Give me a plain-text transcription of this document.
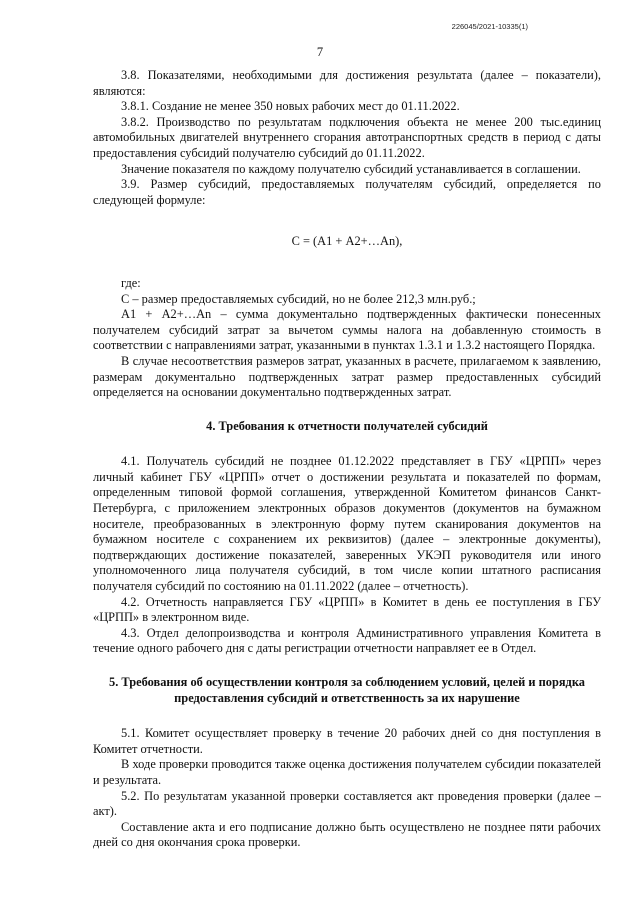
226045/2021-10335(1)
7

3.8. Показателями, необходимыми для достижения результата (далее – показатели), являются:

3.8.1. Создание не менее 350 новых рабочих мест до 01.11.2022.

3.8.2. Производство по результатам подключения объекта не менее 200 тыс.единиц автомобильных двигателей внутреннего сгорания автотранспортных средств в период с даты предоставления субсидий получателю субсидий до 01.11.2022.

Значение показателя по каждому получателю субсидий устанавливается в соглашении.

3.9. Размер субсидий, предоставляемых получателям субсидий, определяется по следующей формуле:

С = (А1 + А2+…Аn),

где:

С – размер предоставляемых субсидий, но не более 212,3 млн.руб.;

А1 + А2+…Аn – сумма документально подтвержденных фактически понесенных получателем субсидий затрат за вычетом суммы налога на добавленную стоимость в соответствии с направлениями затрат, указанными в пунктах 1.3.1 и 1.3.2 настоящего Порядка.

В случае несоответствия размеров затрат, указанных в расчете, прилагаемом к заявлению, размерам документально подтвержденных затрат размер предоставленных субсидий определяется на основании документально подтвержденных затрат.

4. Требования к отчетности получателей субсидий

4.1. Получатель субсидий не позднее 01.12.2022 представляет в ГБУ «ЦРПП» через личный кабинет ГБУ «ЦРПП» отчет о достижении результата и показателей по формам, определенным типовой формой соглашения, утвержденной Комитетом финансов Санкт-Петербурга, с приложением электронных образов документов (документов на бумажном носителе, преобразованных в электронную форму путем сканирования документов на бумажном носителе с сохранением их реквизитов) (далее – электронные документы), подтверждающих достижение показателей, заверенных УКЭП руководителя или иного уполномоченного лица получателя субсидий, в том числе копии штатного расписания получателя субсидий по состоянию на 01.11.2022 (далее – отчетность).

4.2. Отчетность направляется ГБУ «ЦРПП» в Комитет в день ее поступления в ГБУ «ЦРПП» в электронном виде.

4.3. Отдел делопроизводства и контроля Административного управления Комитета в течение одного рабочего дня с даты регистрации отчетности направляет ее в Отдел.

5. Требования об осуществлении контроля за соблюдением условий, целей и порядка предоставления субсидий и ответственность за их нарушение

5.1. Комитет осуществляет проверку в течение 20 рабочих дней со дня поступления в Комитет отчетности.

В ходе проверки проводится также оценка достижения получателем субсидии показателей и результата.

5.2. По результатам указанной проверки составляется акт проведения проверки (далее – акт).

Составление акта и его подписание должно быть осуществлено не позднее пяти рабочих дней со дня окончания срока проверки.
